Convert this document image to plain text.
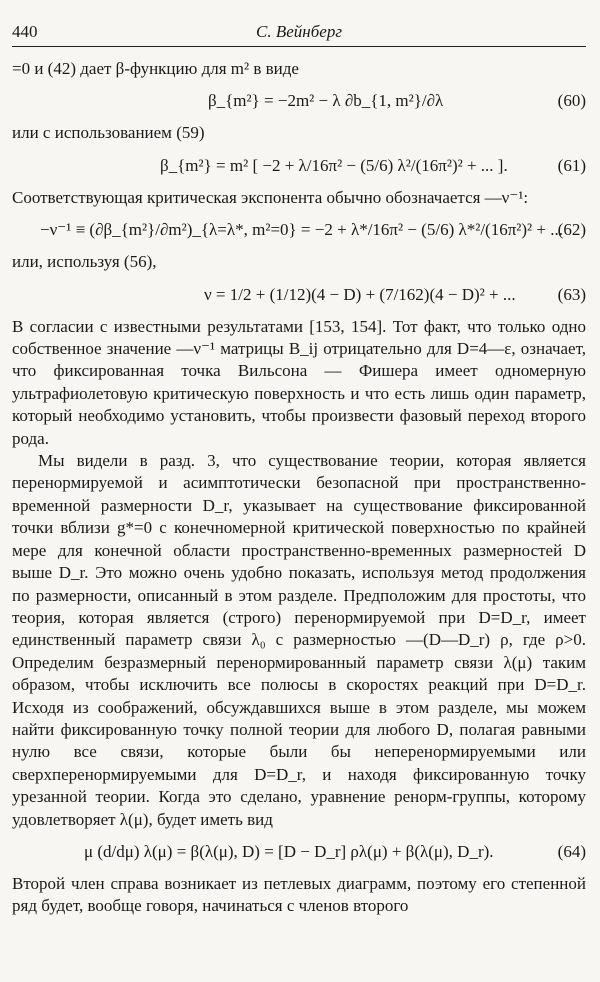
440	С. Вейнберг

=0 и (42) дает β-функцию для m² в виде

β_{m²} = −2m² − λ ∂b_{1, m²}/∂λ	(60)

или с использованием (59)

β_{m²} = m² [ −2 + λ/16π² − (5/6) λ²/(16π²)² + ... ].	(61)

Соответствующая критическая экспонента обычно обозначается —ν⁻¹:

−ν⁻¹ ≡ (∂β_{m²}/∂m²)_{λ=λ*, m²=0} = −2 + λ*/16π² − (5/6) λ*²/(16π²)² + ...
(62)

или, используя (56),

ν = 1/2 + (1/12)(4 − D) + (7/162)(4 − D)² + ... (63)

В согласии с известными результатами [153, 154]. Тот факт, что только одно собственное значение —ν⁻¹ матрицы B_ij отрицательно для D=4—ε, означает, что фиксированная точка Вильсона — Фишера имеет одномерную ультрафиолетовую критическую поверхность и что есть лишь один параметр, который необходимо установить, чтобы произвести фазовый переход второго рода.

Мы видели в разд. 3, что существование теории, которая является перенормируемой и асимптотически безопасной при пространственно-временной размерности D_r, указывает на существование фиксированной точки вблизи g*=0 с конечномерной критической поверхностью по крайней мере для конечной области пространственно-временных размерностей D выше D_r. Это можно очень удобно показать, используя метод продолжения по размерности, описанный в этом разделе. Предположим для простоты, что теория, которая является (строго) перенормируемой при D=D_r, имеет единственный параметр связи λ₀ с размерностью —(D—D_r) ρ, где ρ>0. Определим безразмерный перенормированный параметр связи λ(μ) таким образом, чтобы исключить все полюсы в скоростях реакций при D=D_r. Исходя из соображений, обсуждавшихся выше в этом разделе, мы можем найти фиксированную точку полной теории для любого D, полагая равными нулю все связи, которые были бы неперенормируемыми или сверхперенормируемыми для D=D_r, и находя фиксированную точку урезанной теории. Когда это сделано, уравнение ренорм-группы, которому удовлетворяет λ(μ), будет иметь вид

μ (d/dμ) λ(μ) = β(λ(μ), D) = [D − D_r] ρλ(μ) + β(λ(μ), D_r).	(64)

Второй член справа возникает из петлевых диаграмм, поэтому его степенной ряд будет, вообще говоря, начинаться с членов второго
